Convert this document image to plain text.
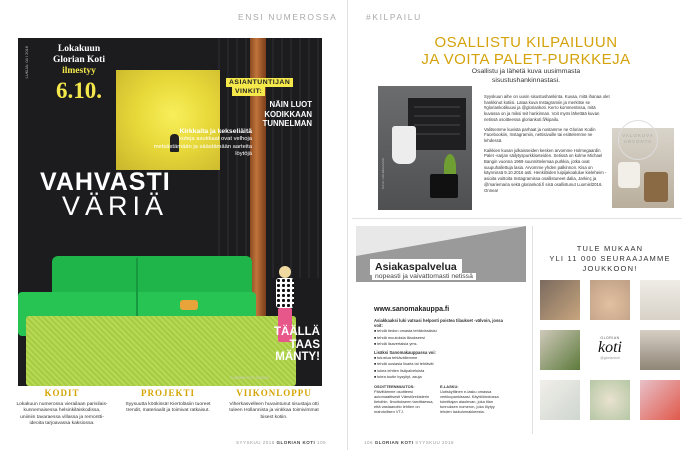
ENSI NUMEROSSA
LUKIJA: 04 / 2016	Lokakuun
Glorian Koti
ilmestyy
6.10.
Kirkkaita ja kekseliäitä
koteja asukkaat ovat velhoja metsästämään ja säästämään aarteita
löytöjä
VAHVASTI
VÄRIÄ
ASIANTUNTIJAN
VINKIT:
NÄIN LUOT KODIKKAAN TUNNELMAN
TÄÄLLÄ TAAS MÄNTY!
GLORIAN KOTI 10/2016
KODIT
Lokakuun numerossa vierailaan parisilaiskunnemaisessa helsinkiläiskodissa, uniiniin tavaraessa villassa ja remonttiideoita tarjoavassa kaksiossa.
PROJEKTI
Syysuutta köökissä! Kiertoläsiin tuoreet trendit, materiaalit ja toimivat ratkaisut.
VIIKONLOPPU
Viherkasvelleen huvaintunut sisustaja otti tuleen Hollannista ja vinkkaa toimivimmat bisest kotiin.
SYYSKUU 2016 GLORIAN KOTI 105
#KILPAILU
OSALLISTU KILPAILUUN
JA VOITA PALET-PURKKEJA
Osallistu ja lähetä kuva uusimmasta
sisustushankinnastasi.
KUVA: HOLMEGAARD

Syyskuun aihe on uusin sisustushankinta. Kuvaa, mitä ihanaa olet hankkinut kotiisi. Lataa kuva Instagramiin ja merkitse se #gloriankotikuusi ja @gloriankoti. Kerro kommentissa, mitä kuvassa on ja miksi teit hankinnan. Voit myös lähettää kuvan netissä osoitteessa gloriankoti.fi/kipailu.

Valitsemme kuvista parhaat ja nostamme ne Glorian Kodin Facebookiin, Instagramiin, nettisivuille tai esittelemme ne lehdessä.

Kaikkien kuvan julkaisseiden kesken arvomme Holmegaardin Palet -sarjan säilytyspurkkiseteiden. Setissä on kolme Michael Bangin vuonna 1969 suunnittelemaa purkkia, jotka ovat suupuhallettuja lasia. Arvomme yhden palkinnon. Kisa on käynnissä 9.10.2016 asti. Henkilöiden luipijakoalulue kieleheim -asioita voittoita Instagramissa osallistuneet dalia, Jarkinç ja @mariemaria sekä gloriankoti.fi sisä osallistunut Luomisl2016. Onnea!

VALOKUVA ARVONTA
Asiakaspalvelua
nopeasti ja vaivattomasti netissä
www.sanomakauppa.fi
Asiakkaaksi luki vatsasi helposti poistea tilaukset -välvoin, jossa voit:
■ tehdä tiedon omasta tehtävissäsisi
■ tehdä muutoksia tilaukseesi
■ tehdä lisavertaisia yms.
Lisäksi Sanomakauppassa voi:
■ tutustua tehtävällemme
■ tehdä uusiasia lisaria tai tehtävät
■ lukea lehtien lisäpalveluista
■ tutea tuutin kysyltyt, asuja
OSOITTEENMUUTOS:
Päivittämme osoitteesi automaattisesti Väestörekisterin tietoihin. Ilmoitukseen tarvittaessa, että vastaanotto lehtien on mahdollisen VTJ.
E-LASKU:
Uutiskyltiinen e-lasku omassa verkkopankissasi. Käyttöönotossa toimittajan aiaolevan, joka tilan tunnuksen numeron, joka löytyy lehden laskulomakkeesta.
TULE MUKAAN
YLI 11 000 SEURAAJAMME
JOUKKOON!
GLORIAN
koti
@gloriankoti
106 GLORIAN KOTI SYYSKUU 2016
